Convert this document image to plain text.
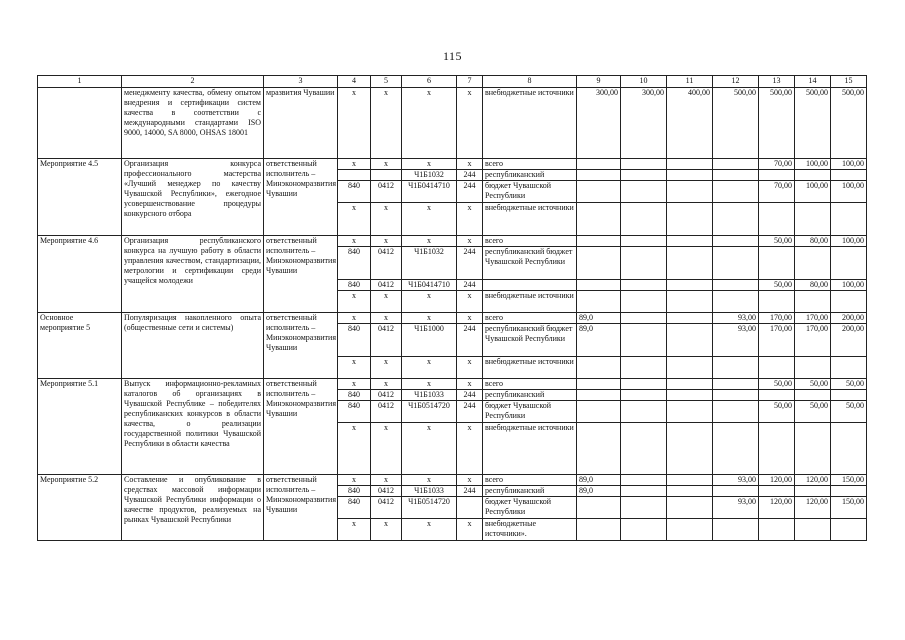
115
1	2	3	4	5	6	7	8	9	10	11	12	13	14	15
	менеджменту качества, обмену опытом внедрения и сертификации систем качества в соответствии с международными стандартами ISO 9000, 14000, SA 8000, OHSAS 18001	мразвития Чувашии	х	х	х	х	внебюджетные источники	300,00	300,00	400,00	500,00	500,00	500,00	500,00
Мероприятие 4.5	Организация конкурса профессионального мастерства «Лучший менеджер по качеству Чувашской Республики», ежегодное усовершенствование процедуры конкурсного отбора	ответственный исполнитель – Минэкономразвития Чувашии	х	х	х	х	всего					70,00	100,00	100,00
					Ч1Б1032	244	республиканский							
			840	0412	Ч1Б0414710	244	бюджет Чувашской Республики					70,00	100,00	100,00
			х	х	х	х	внебюджетные источники							
Мероприятие 4.6	Организация республиканского конкурса на лучшую работу в области управления качеством, стандартизации, метрологии и сертификации среди учащейся молодежи	ответственный исполнитель – Минэкономразвития Чувашии	х	х	х	х	всего					50,00	80,00	100,00
			840	0412	Ч1Б1032	244	республиканский бюджет Чувашской Республики							
			840	0412	Ч1Б0414710	244						50,00	80,00	100,00
			х	х	х	х	внебюджетные источники							
Основное мероприятие 5	Популяризация накопленного опыта (общественные сети и системы)	ответственный исполнитель – Минэкономразвития Чувашии	х	х	х	х	всего	89,0			93,00	170,00	170,00	200,00
			840	0412	Ч1Б1000	244	республиканский бюджет Чувашской Республики	89,0			93,00	170,00	170,00	200,00
			х	х	х	х	внебюджетные источники							
Мероприятие 5.1	Выпуск информационно-рекламных каталогов об организациях в Чувашской Республике – победителях республиканских конкурсов в области качества, о реализации государственной политики Чувашской Республики в области качества	ответственный исполнитель – Минэкономразвития Чувашии	х	х	х	х	всего					50,00	50,00	50,00
			840	0412	Ч1Б1033	244	республиканский							
			840	0412	Ч1Б0514720	244	бюджет Чувашской Республики					50,00	50,00	50,00
			х	х	х	х	внебюджетные источники							
Мероприятие 5.2	Составление и опубликование в средствах массовой информации Чувашской Республики информации о качестве продуктов, реализуемых на рынках Чувашской Республики	ответственный исполнитель – Минэкономразвития Чувашии	х	х	х	х	всего	89,0			93,00	120,00	120,00	150,00
			840	0412	Ч1Б1033	244	республиканский	89,0						
			840	0412	Ч1Б0514720		бюджет Чувашской Республики				93,00	120,00	120,00	150,00
			х	х	х	х	внебюджетные источники».							
